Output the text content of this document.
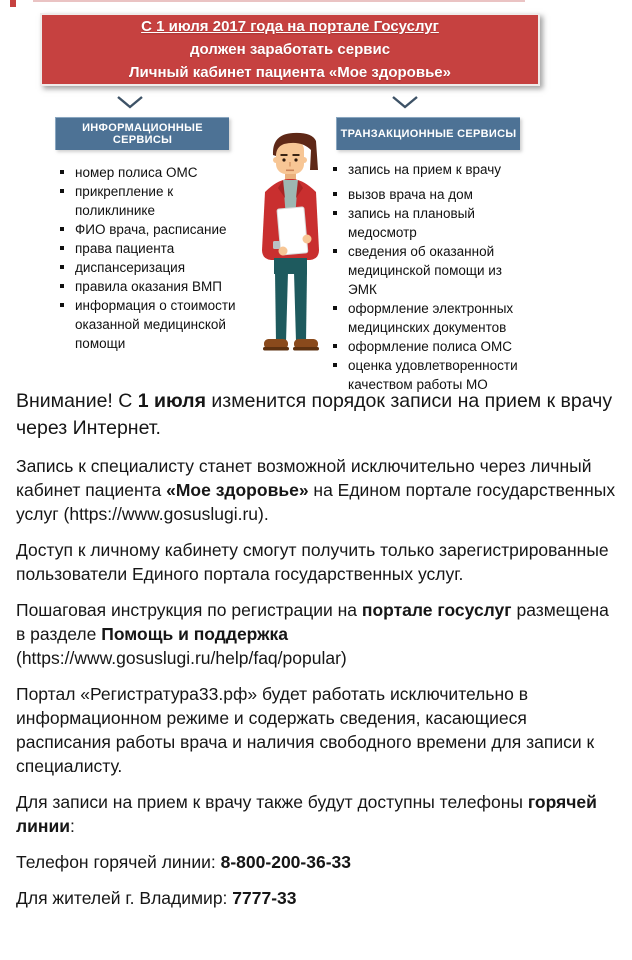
С 1 июля 2017 года на портале Госуслуг
должен заработать сервис
Личный кабинет пациента «Мое здоровье»
ИНФОРМАЦИОННЫЕ СЕРВИСЫ	ТРАНЗАКЦИОННЫЕ СЕРВИСЫ
номер полиса ОМС
прикрепление к поликлинике
ФИО врача, расписание
права пациента
диспансеризация
правила оказания ВМП
информация о стоимости оказанной медицинской помощи
запись на прием к врачу
вызов врача на дом
запись на плановый медосмотр
сведения об оказанной медицинской помощи из ЭМК
оформление электронных медицинских документов
оформление полиса ОМС
оценка удовлетворенности качеством работы МО

Внимание! С 1 июля изменится порядок записи на прием к врачу через Интернет.

Запись к специалисту станет возможной исключительно через личный кабинет пациента «Мое здоровье» на Едином портале государственных услуг (https://www.gosuslugi.ru).

Доступ к личному кабинету смогут получить только зарегистрированные пользователи Единого портала государственных услуг.

Пошаговая инструкция по регистрации на портале госуслуг размещена в разделе Помощь и поддержка (https://www.gosuslugi.ru/help/faq/popular)

Портал «Регистратура33.рф» будет работать исключительно в информационном режиме и содержать сведения, касающиеся расписания работы врача и наличия свободного времени для записи к специалисту.

Для записи на прием к врачу также будут доступны телефоны горячей линии:

Телефон горячей линии: 8-800-200-36-33

Для жителей г. Владимир: 7777-33
